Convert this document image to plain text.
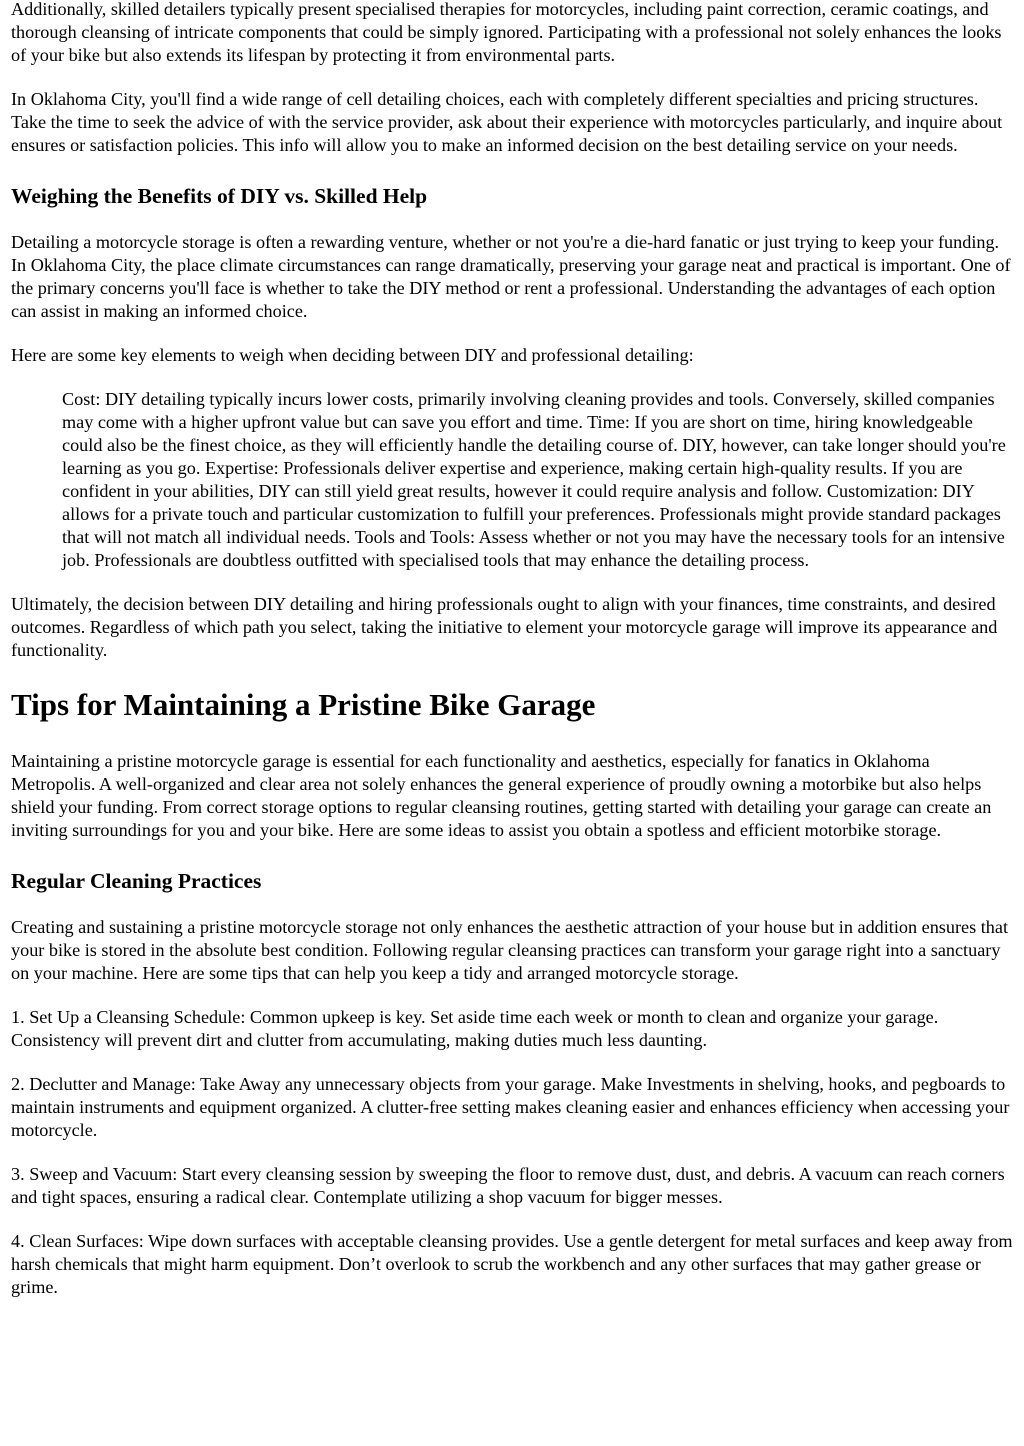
Additionally, skilled detailers typically present specialised therapies for motorcycles, including paint correction, ceramic coatings, and thorough cleansing of intricate components that could be simply ignored. Participating with a professional not solely enhances the looks of your bike but also extends its lifespan by protecting it from environmental parts.

In Oklahoma City, you'll find a wide range of cell detailing choices, each with completely different specialties and pricing structures. Take the time to seek the advice of with the service provider, ask about their experience with motorcycles particularly, and inquire about ensures or satisfaction policies. This info will allow you to make an informed decision on the best detailing service on your needs.

Weighing the Benefits of DIY vs. Skilled Help

Detailing a motorcycle storage is often a rewarding venture, whether or not you're a die-hard fanatic or just trying to keep your funding. In Oklahoma City, the place climate circumstances can range dramatically, preserving your garage neat and practical is important. One of the primary concerns you'll face is whether to take the DIY method or rent a professional. Understanding the advantages of each option can assist in making an informed choice.

Here are some key elements to weigh when deciding between DIY and professional detailing:

Cost: DIY detailing typically incurs lower costs, primarily involving cleaning provides and tools. Conversely, skilled companies may come with a higher upfront value but can save you effort and time. Time: If you are short on time, hiring knowledgeable could also be the finest choice, as they will efficiently handle the detailing course of. DIY, however, can take longer should you're learning as you go. Expertise: Professionals deliver expertise and experience, making certain high-quality results. If you are confident in your abilities, DIY can still yield great results, however it could require analysis and follow. Customization: DIY allows for a private touch and particular customization to fulfill your preferences. Professionals might provide standard packages that will not match all individual needs. Tools and Tools: Assess whether or not you may have the necessary tools for an intensive job. Professionals are doubtless outfitted with specialised tools that may enhance the detailing process.

Ultimately, the decision between DIY detailing and hiring professionals ought to align with your finances, time constraints, and desired outcomes. Regardless of which path you select, taking the initiative to element your motorcycle garage will improve its appearance and functionality.

Tips for Maintaining a Pristine Bike Garage

Maintaining a pristine motorcycle garage is essential for each functionality and aesthetics, especially for fanatics in Oklahoma Metropolis. A well-organized and clear area not solely enhances the general experience of proudly owning a motorbike but also helps shield your funding. From correct storage options to regular cleansing routines, getting started with detailing your garage can create an inviting surroundings for you and your bike. Here are some ideas to assist you obtain a spotless and efficient motorbike storage.

Regular Cleaning Practices

Creating and sustaining a pristine motorcycle storage not only enhances the aesthetic attraction of your house but in addition ensures that your bike is stored in the absolute best condition. Following regular cleansing practices can transform your garage right into a sanctuary on your machine. Here are some tips that can help you keep a tidy and arranged motorcycle storage.

1. Set Up a Cleansing Schedule: Common upkeep is key. Set aside time each week or month to clean and organize your garage. Consistency will prevent dirt and clutter from accumulating, making duties much less daunting.

2. Declutter and Manage: Take Away any unnecessary objects from your garage. Make Investments in shelving, hooks, and pegboards to maintain instruments and equipment organized. A clutter-free setting makes cleaning easier and enhances efficiency when accessing your motorcycle.

3. Sweep and Vacuum: Start every cleansing session by sweeping the floor to remove dust, dust, and debris. A vacuum can reach corners and tight spaces, ensuring a radical clear. Contemplate utilizing a shop vacuum for bigger messes.

4. Clean Surfaces: Wipe down surfaces with acceptable cleansing provides. Use a gentle detergent for metal surfaces and keep away from harsh chemicals that might harm equipment. Don’t overlook to scrub the workbench and any other surfaces that may gather grease or grime.
